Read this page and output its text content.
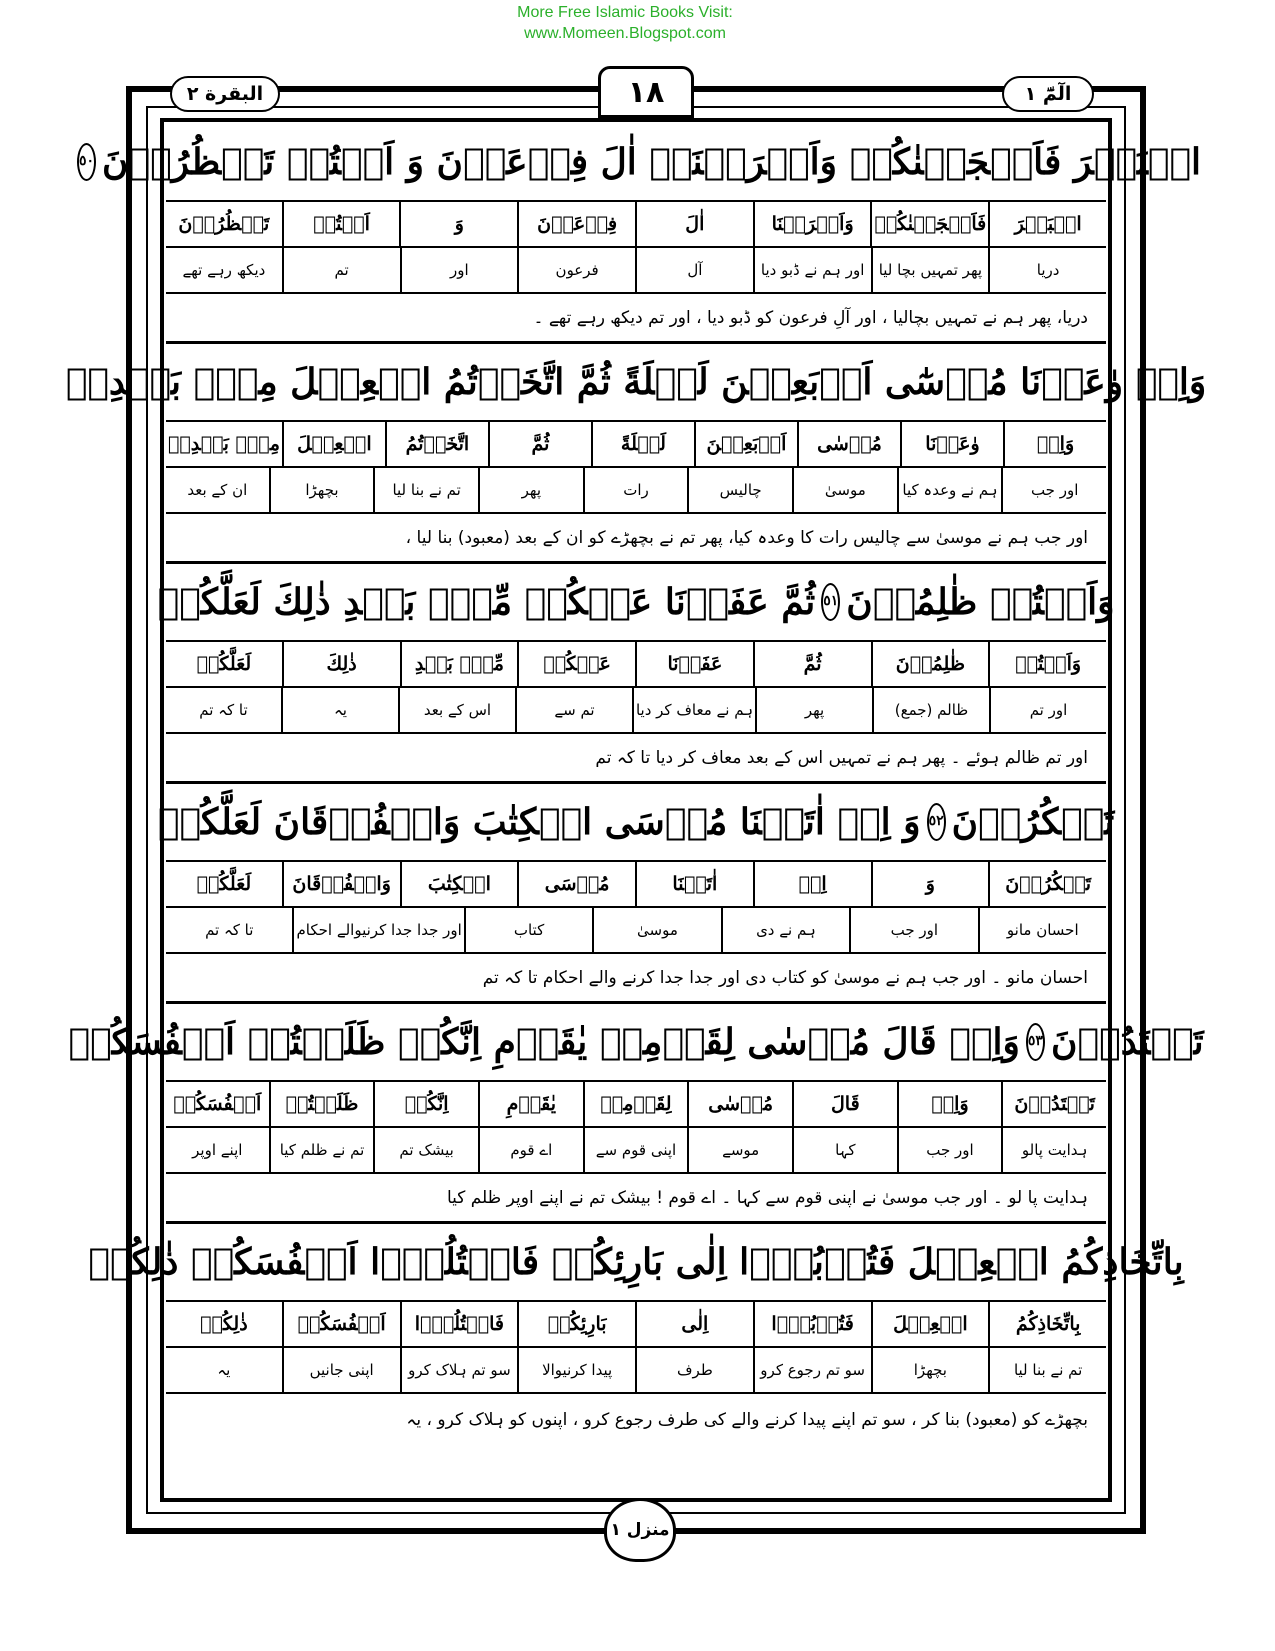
More Free Islamic Books Visit:
www.Momeen.Blogspot.com
البقرة ٢	١٨	الٓمّٓ ١
الۡبَحۡرَ فَاَنۡجَيۡنٰكُمۡ وَاَغۡرَقۡنَاۤ اٰلَ فِرۡعَوۡنَ وَ اَنۡتُمۡ تَنۡظُرُوۡنَ
٥٠
الۡبَحۡرَ
فَاَنۡجَيۡنٰكُمۡ
وَاَغۡرَقۡنَا
اٰلَ
فِرۡعَوۡنَ
وَ
اَنۡتُمۡ
تَنۡظُرُوۡنَ
دریا
پھر تمہیں بچا لیا
اور ہم نے ڈبو دیا
آل
فرعون
اور
تم
دیکھ رہے تھے
دریا، پھر ہم نے تمہیں بچالیا ، اور آلِ فرعون کو ڈبو دیا ، اور تم دیکھ رہے تھے ۔
وَاِذۡ وٰعَدۡنَا مُوۡسٰٓى اَرۡبَعِيۡنَ لَيۡلَةً ثُمَّ اتَّخَذۡتُمُ الۡعِجۡلَ مِنۡۢ بَعۡدِهٖ
وَاِذۡ
وٰعَدۡنَا
مُوۡسٰى
اَرۡبَعِيۡنَ
لَيۡلَةً
ثُمَّ
اتَّخَذۡتُمُ
الۡعِجۡلَ
مِنۡۢ بَعۡدِهٖ
اور جب
ہم نے وعدہ کیا
موسیٰ
چالیس
رات
پھر
تم نے بنا لیا
بچھڑا
ان کے بعد
اور جب ہم نے موسیٰ سے چالیس رات کا وعدہ کیا، پھر تم نے بچھڑے کو ان کے بعد (معبود) بنا لیا ،
وَاَنۡتُمۡ ظٰلِمُوۡنَ
٥١
ثُمَّ عَفَوۡنَا عَنۡكُمۡ مِّنۡۢ بَعۡدِ ذٰلِكَ لَعَلَّكُمۡ
وَاَنۡتُمۡ
ظٰلِمُوۡنَ
ثُمَّ
عَفَوۡنَا
عَنۡكُمۡ
مِّنۡۢ بَعۡدِ
ذٰلِكَ
لَعَلَّكُمۡ
اور تم
ظالم (جمع)
پھر
ہم نے معاف کر دیا
تم سے
اس کے بعد
یہ
تا کہ تم
اور تم ظالم ہوئے ۔ پھر ہم نے تمہیں اس کے بعد معاف کر دیا تا کہ تم
تَشۡكُرُوۡنَ
٥٢
وَ اِذۡ اٰتَيۡنَا مُوۡسَى الۡكِتٰبَ وَالۡفُرۡقَانَ لَعَلَّكُمۡ
تَشۡكُرُوۡنَ
وَ
اِذۡ
اٰتَيۡنَا
مُوۡسَى
الۡكِتٰبَ
وَالۡفُرۡقَانَ
لَعَلَّكُمۡ
احسان مانو
اور جب
ہم نے دی
موسیٰ
کتاب
اور جدا جدا کرنیوالے احکام
تا کہ تم
احسان مانو ۔ اور جب ہم نے موسیٰ کو کتاب دی اور جدا جدا کرنے والے احکام تا کہ تم
تَهۡتَدُوۡنَ
٥٣
وَاِذۡ قَالَ مُوۡسٰى لِقَوۡمِهٖ يٰقَوۡمِ اِنَّكُمۡ ظَلَمۡتُمۡ اَنۡفُسَكُمۡ
تَهۡتَدُوۡنَ
وَاِذۡ
قَالَ
مُوۡسٰى
لِقَوۡمِهٖ
يٰقَوۡمِ
اِنَّكُمۡ
ظَلَمۡتُمۡ
اَنۡفُسَكُمۡ
ہدایت پالو
اور جب
کہا
موسے
اپنی قوم سے
اے قوم
بیشک تم
تم نے ظلم کیا
اپنے اوپر
ہدایت پا لو ۔ اور جب موسیٰ نے اپنی قوم سے کہا ۔ اے قوم ! بیشک تم نے اپنے اوپر ظلم کیا
بِاتِّخَاذِكُمُ الۡعِجۡلَ فَتُوۡبُوۡۤا اِلٰى بَارِئِكُمۡ فَاقۡتُلُوۡۤا اَنۡفُسَكُمۡ ذٰلِكُمۡ
بِاتِّخَاذِكُمُ
الۡعِجۡلَ
فَتُوۡبُوۡۤا
اِلٰى
بَارِئِكُمۡ
فَاقۡتُلُوۡۤا
اَنۡفُسَكُمۡ
ذٰلِكُمۡ
تم نے بنا لیا
بچھڑا
سو تم رجوع کرو
طرف
پیدا کرنیوالا
سو تم ہلاک کرو
اپنی جانیں
یہ
بچھڑے کو (معبود) بنا کر ، سو تم اپنے پیدا کرنے والے کی طرف رجوع کرو ، اپنوں کو ہلاک کرو ، یہ
منزل ١
